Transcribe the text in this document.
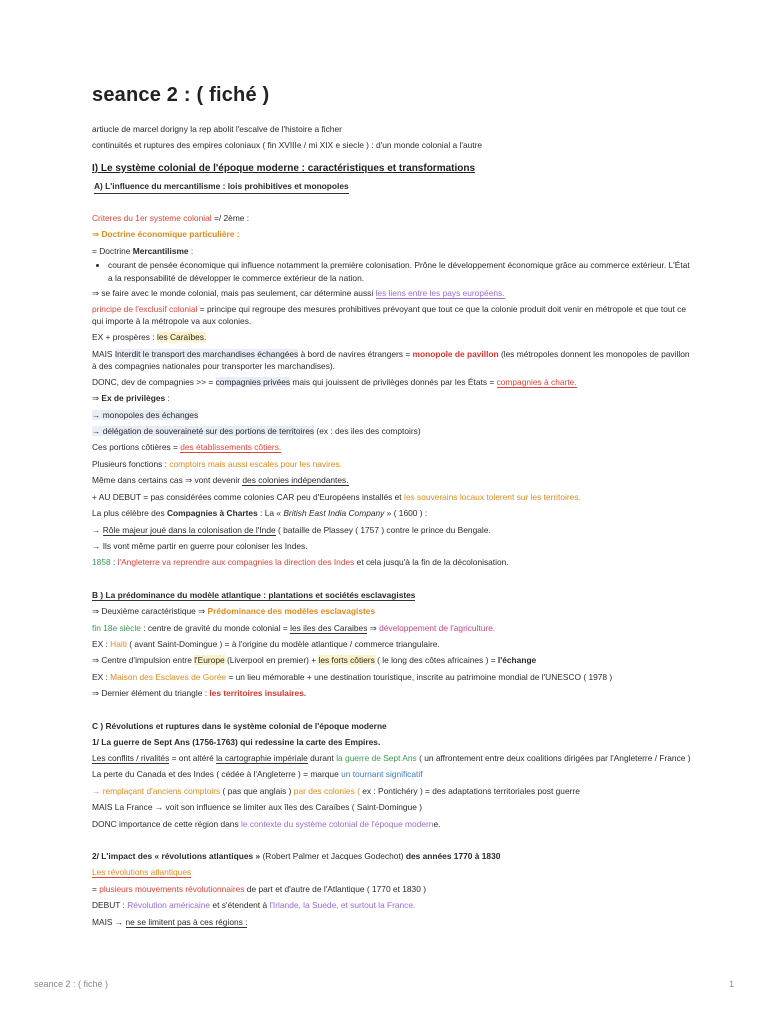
seance 2 : ( fiché )

artiucle de marcel dorigny la rep abolit l'escalve de l'histoire a ficher

continuités et ruptures des empires coloniaux ( fin XVIIIe / mi XIX e siecle ) : d'un monde colonial a l'autre

I) Le système colonial de l'époque moderne : caractéristiques et transformations

A) L'influence du mercantilisme : lois prohibitives et monopoles

Criteres du 1er systeme colonial =/ 2ème :

⇒ Doctrine économique particulière :

= Doctrine Mercantilisme :

• courant de pensée économique qui influence notamment la première colonisation. Prône le développement économique grâce au commerce extérieur. L'État a la responsabilité de développer le commerce extérieur de la nation.

⇒ se faire avec le monde colonial, mais pas seulement, car détermine aussi les liens entre les pays européens.

principe de l'exclusif colonial = principe qui regroupe des mesures prohibitives prévoyant que tout ce que la colonie produit doit venir en métropole et que tout ce qui importe à la métropole va aux colonies.

EX + prospères : les Caraïbes.

MAIS Interdit le transport des marchandises échangées à bord de navires étrangers = monopole de pavillon (les métropoles donnent les monopoles de pavillon à des compagnies nationales pour transporter les marchandises).

DONC, dev de compagnies >> = compagnies privées mais qui jouissent de privilèges donnés par les États = compagnies à charte.

⇒ Ex de privilèges :

→ monopoles des échanges

→ délégation de souveraineté sur des portions de territoires (ex : des iles des comptoirs)

Ces portions côtières = des établissements côtiers.

Plusieurs fonctions : comptoirs mais aussi escales pour les navires.

Même dans certains cas ⇒ vont devenir des colonies indépendantes.

+ AU DEBUT = pas considérées comme colonies CAR peu d'Européens installés et les souverains locaux tolerent sur les territoires.

La plus célèbre des Compagnies à Chartes : La « British East India Company » ( 1600 ) :

→ Rôle majeur joué dans la colonisation de l'Inde ( bataille de Plassey ( 1757 ) contre le prince du Bengale.

→ Ils vont même partir en guerre pour coloniser les Indes.

1858 : l'Angleterre va reprendre aux compagnies la direction des Indes et cela jusqu'à la fin de la décolonisation.

B ) La prédominance du modèle atlantique : plantations et sociétés esclavagistes

⇒ Deuxième caractéristique ⇒ Prédominance des modèles esclavagistes

fin 18e siècle : centre de gravité du monde colonial = les iles des Caraibes ⇒ développement de l'agriculture.

EX : Haiti ( avant Saint-Domingue ) = à l'origine du modèle atlantique / commerce triangulaire.

⇒ Centre d'impulsion entre l'Europe (Liverpool en premier) + les forts côtiers ( le long des côtes africaines ) = l'échange

EX : Maison des Esclaves de Gorée = un lieu mémorable + une destination touristique, inscrite au patrimoine mondial de l'UNESCO ( 1978 )

⇒ Dernier élément du triangle : les territoires insulaires.

C ) Révolutions et ruptures dans le système colonial de l'époque moderne

1/ La guerre de Sept Ans (1756-1763) qui redessine la carte des Empires.

Les conflits / rivalités = ont altéré la cartographie impériale durant la guerre de Sept Ans ( un affrontement entre deux coalitions dirigées par l'Angleterre / France )

La perte du Canada et des Indes ( cédée à l'Angleterre ) = marque un tournant significatif

→ remplaçant d'anciens comptoirs ( pas que anglais ) par des colonies ( ex : Pontichéry ) = des adaptations territoriales post guerre

MAIS La France → voit son influence se limiter aux îles des Caraïbes ( Saint-Domingue )

DONC importance de cette région dans le contexte du système colonial de l'époque moderne.

2/ L'impact des « révolutions atlantiques » (Robert Palmer et Jacques Godechot) des années 1770 à 1830

Les révolutions atlantiques

= plusieurs mouvements révolutionnaires de part et d'autre de l'Atlantique ( 1770 et 1830 )

DEBUT : Révolution américaine et s'étendent à l'Irlande, la Suede, et surtout la France.

MAIS → ne se limitent pas à ces régions :

seance 2 : ( fiché )	1
